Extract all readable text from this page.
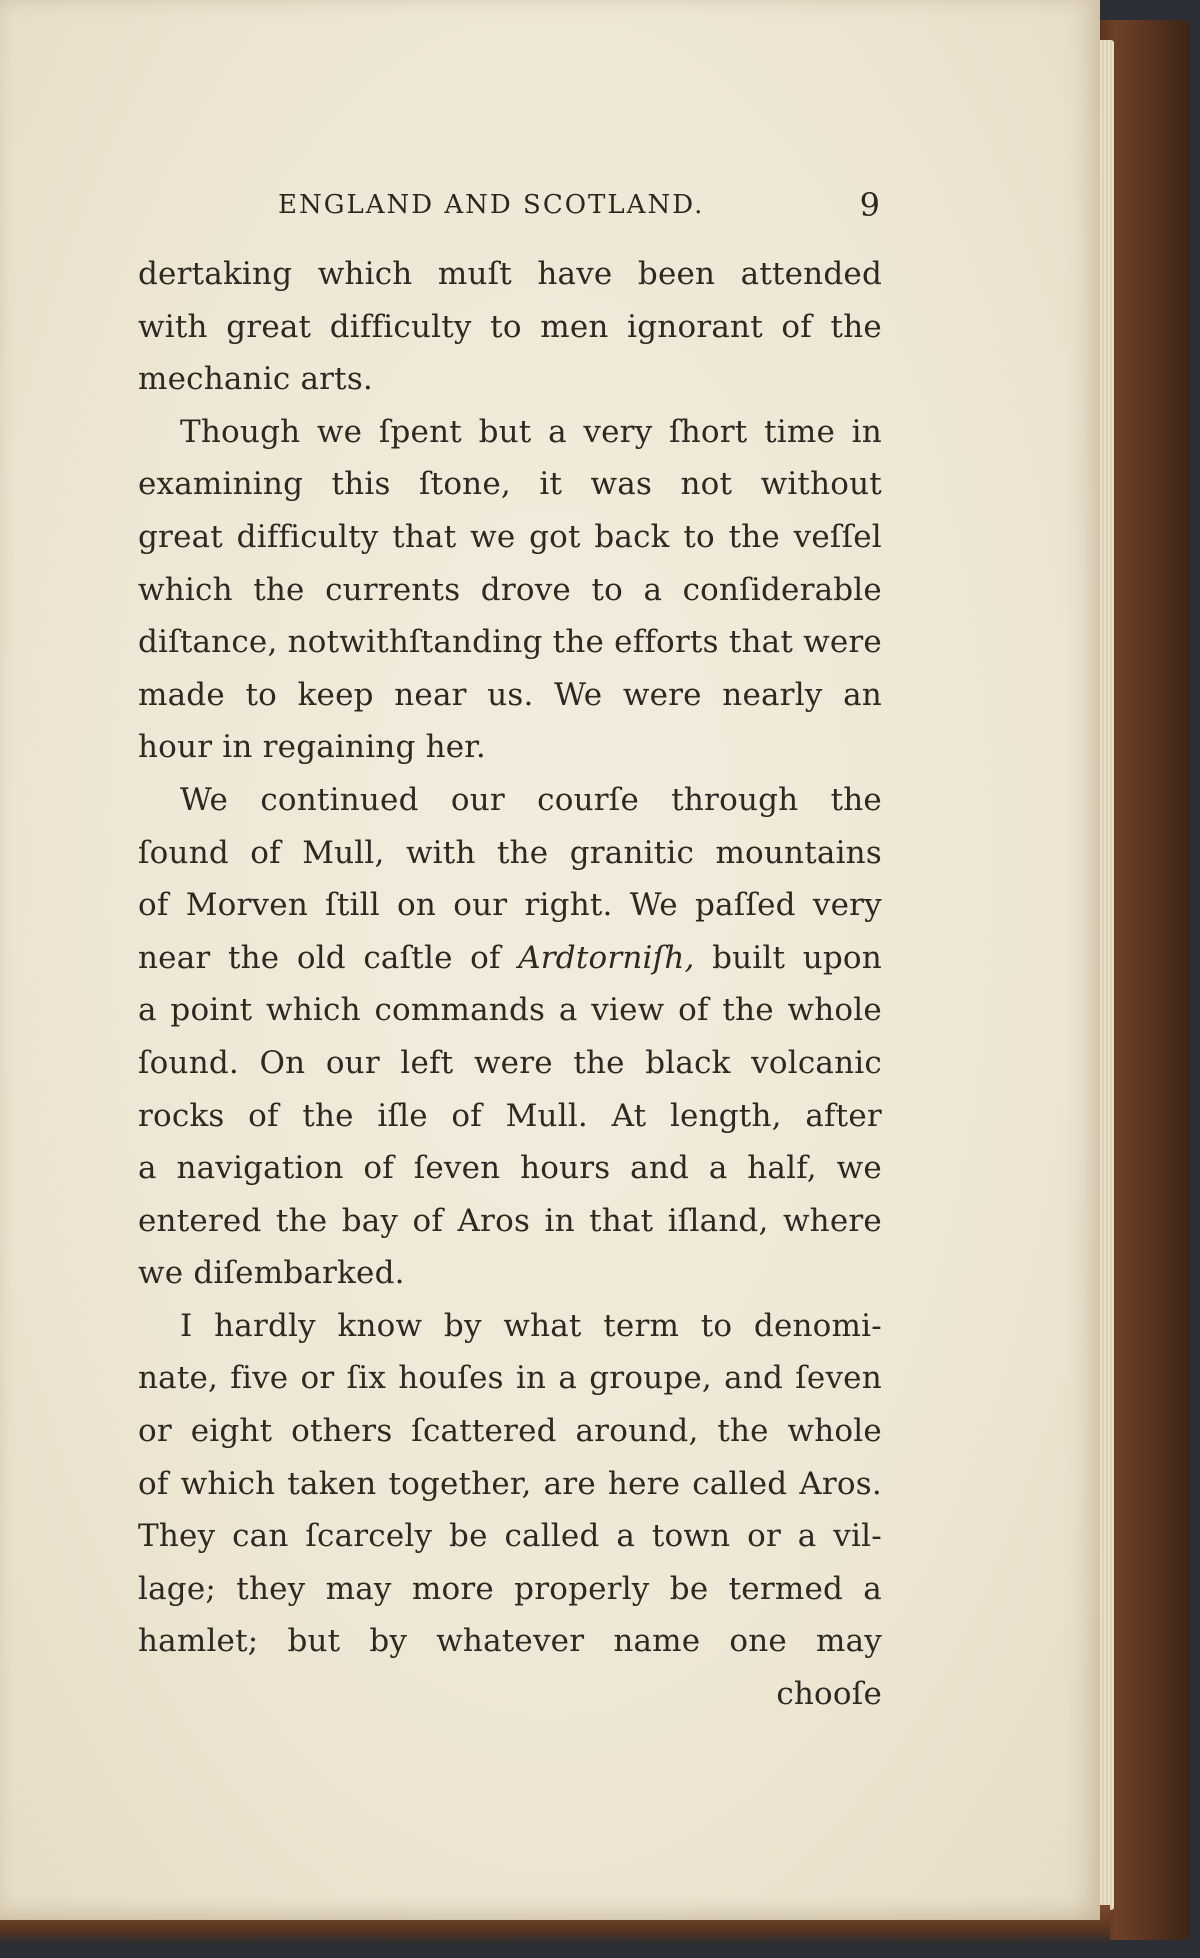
ENGLAND AND SCOTLAND.	9
dertaking which muſt have been attended
with great difficulty to men ignorant of the
mechanic
arts.
Though we ſpent but a very ſhort time in
examining this ſtone, it was not without
great difficulty that we got back to the veſſel
which the currents drove to a conſiderable
diſtance, notwithſtanding the efforts that were
made to keep near us. We were nearly an
hour
in
regaining
her.
We continued our courſe through the
ſound of Mull, with the granitic mountains
of Morven ſtill on our right. We paſſed very
near the old caſtle of Ardtorniſh, built upon
a point which commands a view of the whole
ſound. On our left were the black volcanic
rocks of the iſle of Mull. At length, after
a navigation of ſeven hours and a half, we
entered the bay of Aros in that iſland, where
we
diſembarked.
I hardly know by what term to denomi-
nate, five or ſix houſes in a groupe, and ſeven
or eight others ſcattered around, the whole
of which taken together, are here called Aros.
They can ſcarcely be called a town or a vil-
lage; they may more properly be termed a
hamlet; but by whatever name one may
chooſe
